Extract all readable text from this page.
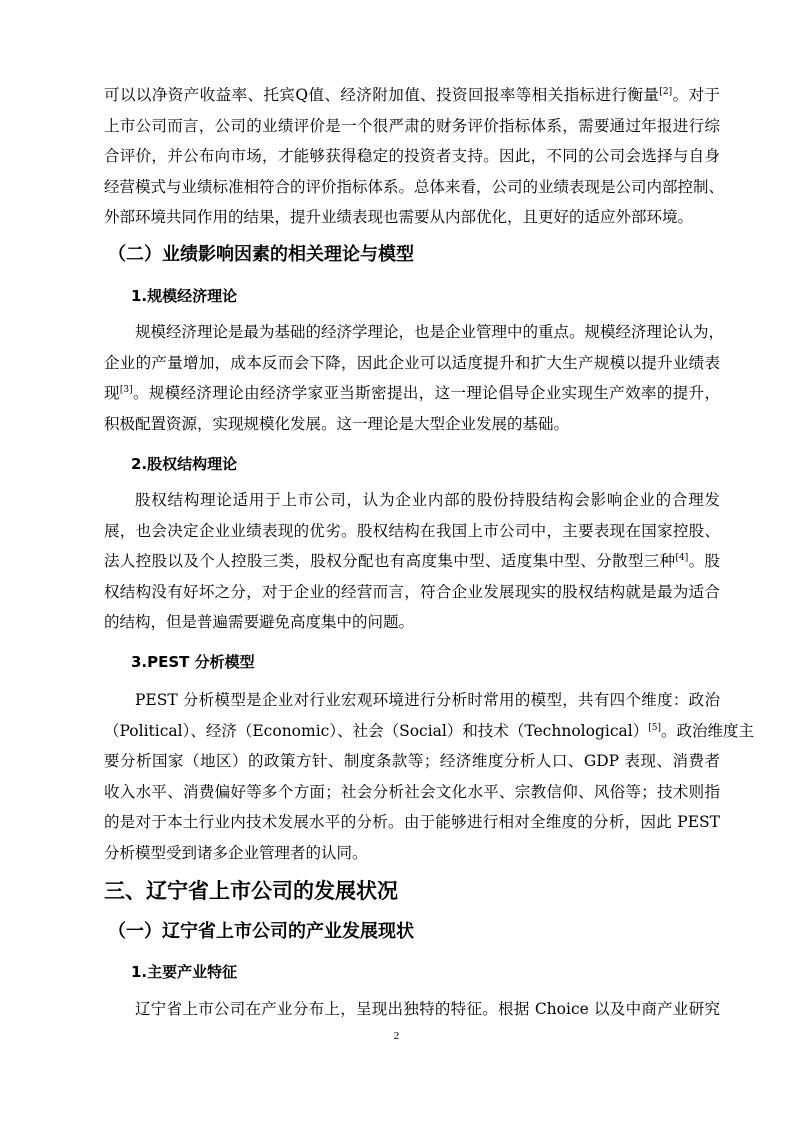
可以以净资产收益率、托宾Q值、经济附加值、投资回报率等相关指标进行衡量[2]。对于
上市公司而言，公司的业绩评价是一个很严肃的财务评价指标体系，需要通过年报进行综
合评价，并公布向市场，才能够获得稳定的投资者支持。因此，不同的公司会选择与自身
经营模式与业绩标准相符合的评价指标体系。总体来看，公司的业绩表现是公司内部控制、
外部环境共同作用的结果，提升业绩表现也需要从内部优化，且更好的适应外部环境。

（二）业绩影响因素的相关理论与模型
1.规模经济理论

规模经济理论是最为基础的经济学理论，也是企业管理中的重点。规模经济理论认为，
企业的产量增加，成本反而会下降，因此企业可以适度提升和扩大生产规模以提升业绩表
现[3]。规模经济理论由经济学家亚当斯密提出，这一理论倡导企业实现生产效率的提升，
积极配置资源，实现规模化发展。这一理论是大型企业发展的基础。

2.股权结构理论

股权结构理论适用于上市公司，认为企业内部的股份持股结构会影响企业的合理发
展，也会决定企业业绩表现的优劣。股权结构在我国上市公司中，主要表现在国家控股、
法人控股以及个人控股三类，股权分配也有高度集中型、适度集中型、分散型三种[4]。股
权结构没有好坏之分，对于企业的经营而言，符合企业发展现实的股权结构就是最为适合
的结构，但是普遍需要避免高度集中的问题。

3.PEST 分析模型

PEST 分析模型是企业对行业宏观环境进行分析时常用的模型，共有四个维度：政治
（Political）、经济（Economic）、社会（Social）和技术（Technological）[5]。政治维度主
要分析国家（地区）的政策方针、制度条款等；经济维度分析人口、GDP 表现、消费者
收入水平、消费偏好等多个方面；社会分析社会文化水平、宗教信仰、风俗等；技术则指
的是对于本土行业内技术发展水平的分析。由于能够进行相对全维度的分析，因此 PEST
分析模型受到诸多企业管理者的认同。

三、辽宁省上市公司的发展状况
（一）辽宁省上市公司的产业发展现状
1.主要产业特征

辽宁省上市公司在产业分布上，呈现出独特的特征。根据 Choice 以及中商产业研究

2
